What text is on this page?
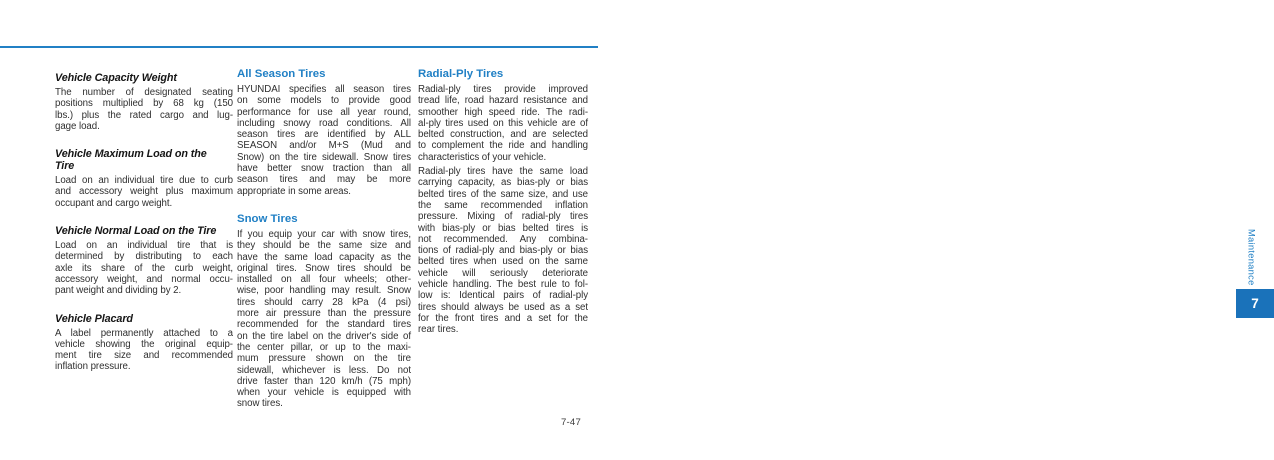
Vehicle Capacity Weight
The number of designated seating
positions multiplied by 68 kg (150
lbs.) plus the rated cargo and lug-
gage load.
Vehicle Maximum Load on the
Tire
Load on an individual tire due to curb
and accessory weight plus maximum
occupant and cargo weight.
Vehicle Normal Load on the Tire
Load on an individual tire that is
determined by distributing to each
axle its share of the curb weight,
accessory weight, and normal occu-
pant weight and dividing by 2.
Vehicle Placard
A label permanently attached to a
vehicle showing the original equip-
ment tire size and recommended
inflation pressure.
All Season Tires
HYUNDAI specifies all season tires
on some models to provide good
performance for use all year round,
including snowy road conditions. All
season tires are identified by ALL
SEASON and/or M+S (Mud and
Snow) on the tire sidewall. Snow tires
have better snow traction than all
season tires and may be more
appropriate in some areas.
Snow Tires
If you equip your car with snow tires,
they should be the same size and
have the same load capacity as the
original tires. Snow tires should be
installed on all four wheels; other-
wise, poor handling may result. Snow
tires should carry 28 kPa (4 psi)
more air pressure than the pressure
recommended for the standard tires
on the tire label on the driver's side of
the center pillar, or up to the maxi-
mum pressure shown on the tire
sidewall, whichever is less. Do not
drive faster than 120 km/h (75 mph)
when your vehicle is equipped with
snow tires.
Radial-Ply Tires
Radial-ply tires provide improved
tread life, road hazard resistance and
smoother high speed ride. The radi-
al-ply tires used on this vehicle are of
belted construction, and are selected
to complement the ride and handling
characteristics of your vehicle.
Radial-ply tires have the same load
carrying capacity, as bias-ply or bias
belted tires of the same size, and use
the same recommended inflation
pressure. Mixing of radial-ply tires
with bias-ply or bias belted tires is
not recommended. Any combina-
tions of radial-ply and bias-ply or bias
belted tires when used on the same
vehicle will seriously deteriorate
vehicle handling. The best rule to fol-
low is: Identical pairs of radial-ply
tires should always be used as a set
for the front tires and a set for the
rear tires.
Maintenance
7
7-47
